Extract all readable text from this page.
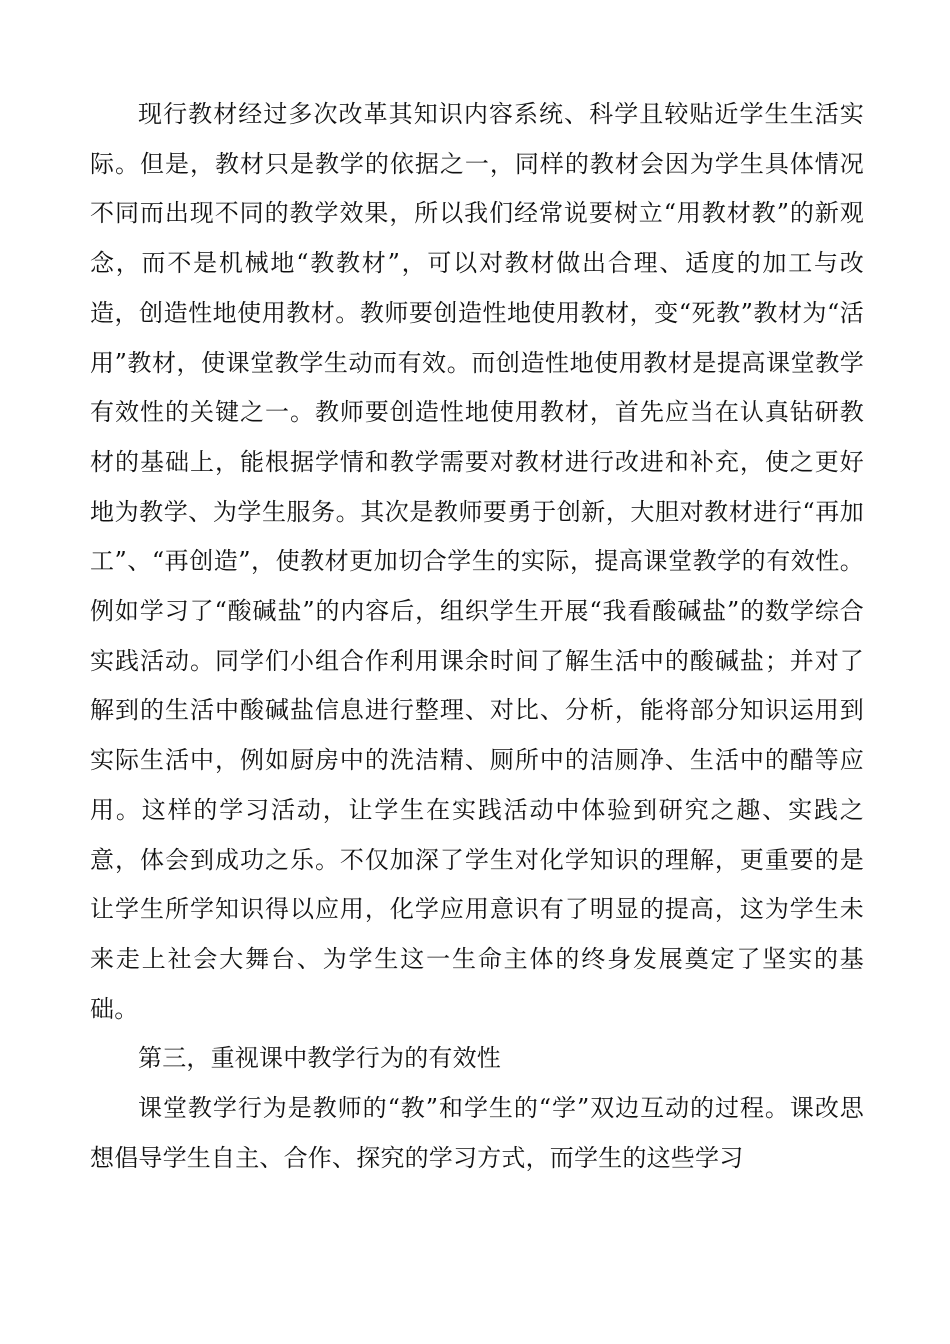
现行教材经过多次改革其知识内容系统、科学且较贴近学生生活实际。但是，教材只是教学的依据之一，同样的教材会因为学生具体情况不同而出现不同的教学效果，所以我们经常说要树立“用教材教”的新观念，而不是机械地“教教材”，可以对教材做出合理、适度的加工与改造，创造性地使用教材。教师要创造性地使用教材，变“死教”教材为“活用”教材，使课堂教学生动而有效。而创造性地使用教材是提高课堂教学有效性的关键之一。教师要创造性地使用教材，首先应当在认真钻研教材的基础上，能根据学情和教学需要对教材进行改进和补充，使之更好地为教学、为学生服务。其次是教师要勇于创新，大胆对教材进行“再加工”、“再创造”，使教材更加切合学生的实际，提高课堂教学的有效性。例如学习了“酸碱盐”的内容后，组织学生开展“我看酸碱盐”的数学综合实践活动。同学们小组合作利用课余时间了解生活中的酸碱盐；并对了解到的生活中酸碱盐信息进行整理、对比、分析，能将部分知识运用到实际生活中，例如厨房中的洗洁精、厕所中的洁厕净、生活中的醋等应用。这样的学习活动，让学生在实践活动中体验到研究之趣、实践之意，体会到成功之乐。不仅加深了学生对化学知识的理解，更重要的是让学生所学知识得以应用，化学应用意识有了明显的提高，这为学生未来走上社会大舞台、为学生这一生命主体的终身发展奠定了坚实的基础。

第三，重视课中教学行为的有效性

课堂教学行为是教师的“教”和学生的“学”双边互动的过程。课改思想倡导学生自主、合作、探究的学习方式，而学生的这些学习
